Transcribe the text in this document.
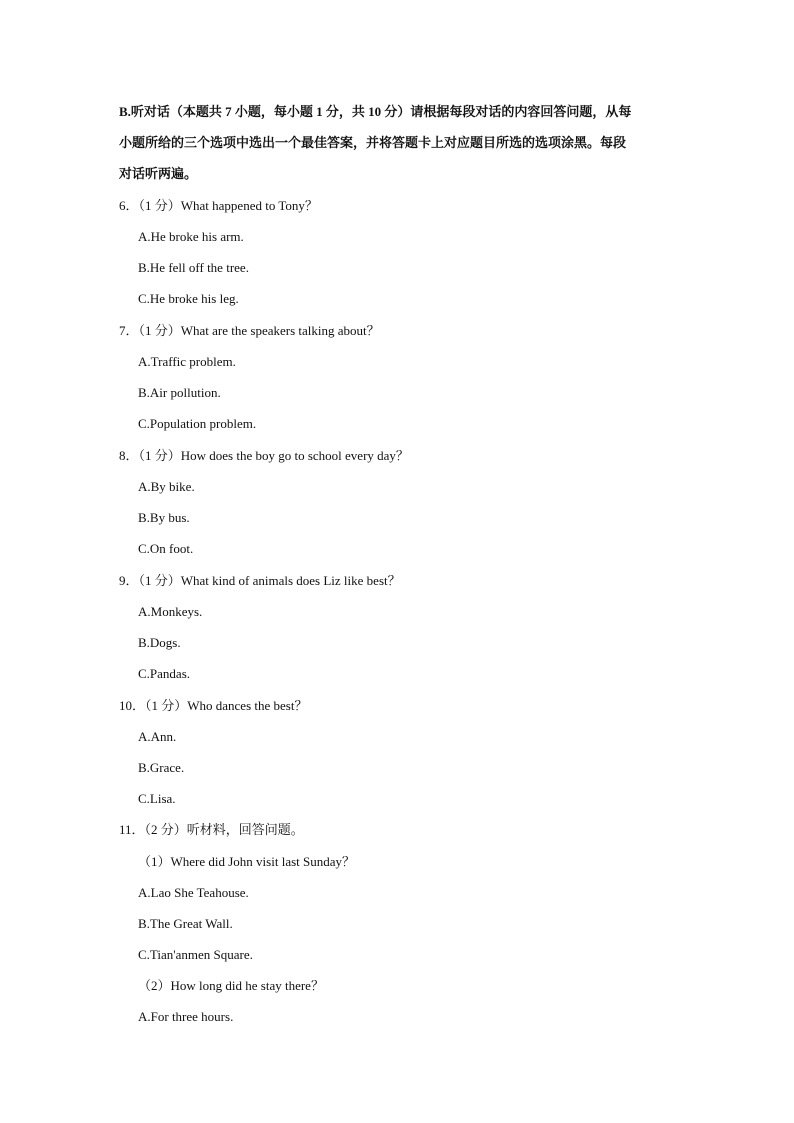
B.听对话（本题共 7 小题，每小题 1 分，共 10 分）请根据每段对话的内容回答问题，从每
小题所给的三个选项中选出一个最佳答案，并将答题卡上对应题目所选的选项涂黑。每段
对话听两遍。
6．（1 分）What happened to Tony？
A.He broke his arm.
B.He fell off the tree.
C.He broke his leg.
7．（1 分）What are the speakers talking about？
A.Traffic problem.
B.Air pollution.
C.Population problem.
8．（1 分）How does the boy go to school every day？
A.By bike.
B.By bus.
C.On foot.
9．（1 分）What kind of animals does Liz like best？
A.Monkeys.
B.Dogs.
C.Pandas.
10．（1 分）Who dances the best？
A.Ann.
B.Grace.
C.Lisa.
11．（2 分）听材料，回答问题。
（1）Where did John visit last Sunday？
A.Lao She Teahouse.
B.The Great Wall.
C.Tian'anmen Square.
（2）How long did he stay there？
A.For three hours.
